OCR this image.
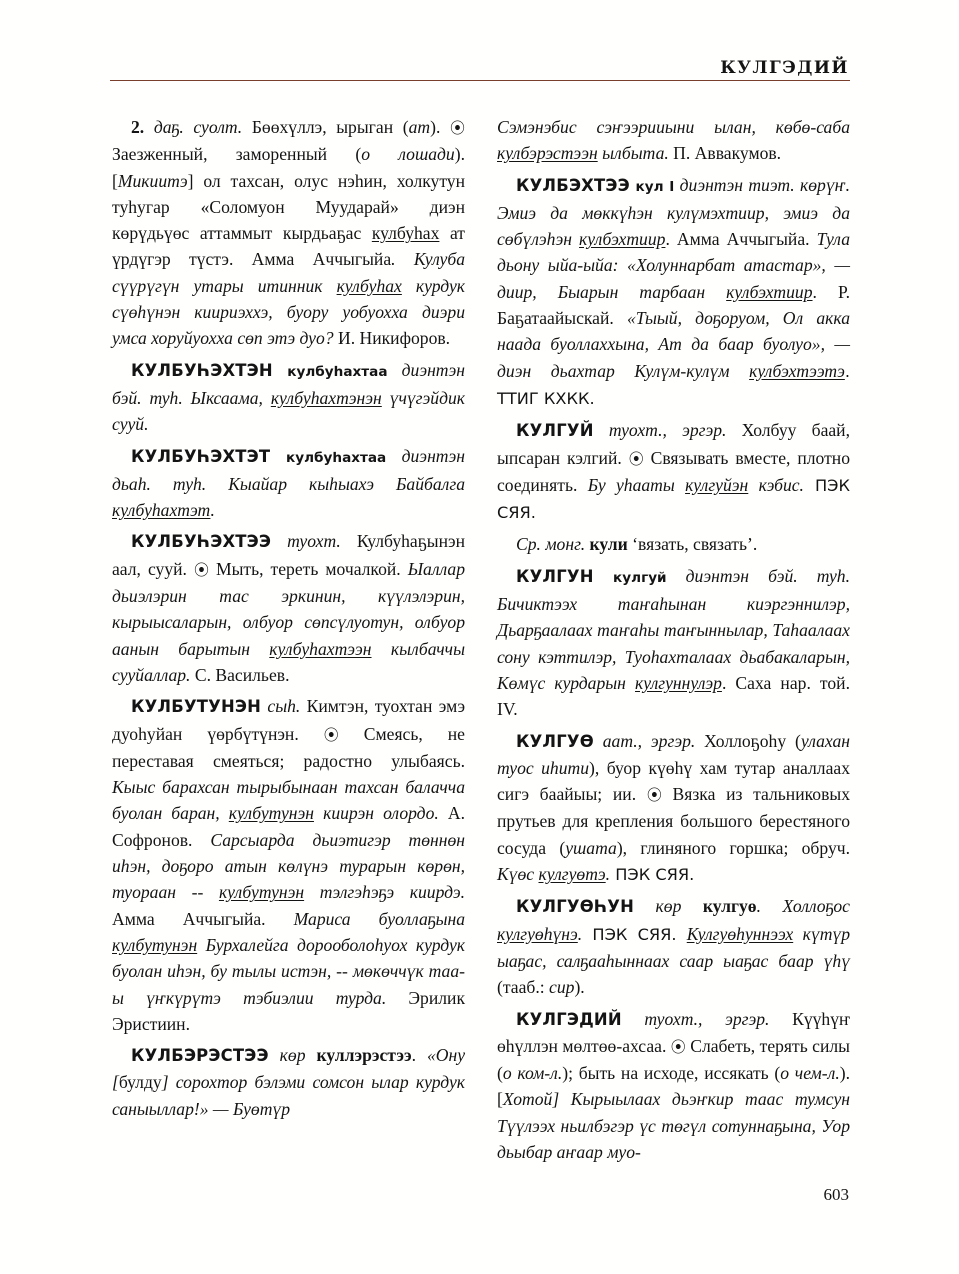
КУЛГЭДИЙ

2. даҕ. суолт. Бөөхүллэ, ырыган (ат). ⦿ Заезженный, заморенный (о лошади). [Микиитэ] ол тахсан, олус нэһин, холкутун туһугар «Соломуон Муударай» диэн көрүдьүөс аттаммыт кырдьаҕас кулбуһах ат үрдүгэр түстэ. Амма Аччыгыйа. Кулуба сүүрүгүн утары итинник кулбуһах курдук сүөһүнэн киириэххэ, буору уобуохха диэри умса хоруйуохха сөп этэ дуо? И. Никифоров.

КУЛБУҺЭХТЭН кулбуһахтаа диэнтэн бэй. туһ. Ыксаама, кулбуһахтэнэн үчүгэйдик сууй.

КУЛБУҺЭХТЭТ кулбуһахтаа диэнтэн дьаһ. туһ. Кыайар кыһыахэ Байбалга кулбуһахтэт.

КУЛБУҺЭХТЭЭ туохт. Кулбуһаҕынэн аал, сууй. ⦿ Мыть, тереть мочалкой. Ыаллар дьиэлэрин тас эркинин, күүлэлэрин, кырыысаларын, олбуор сөпсүлуотун, олбуор аанын барытын кулбуһахтээн кылбаччы сууйаллар. С. Васильев.

КУЛБУТУНЭН сыһ. Кимтэн, туохтан эмэ дуоһуйан үөрбүтүнэн. ⦿ Смеясь, не переставая смеяться; радостно улыбаясь. Кыыс барахсан тырыбынаан тахсан балачча буолан баран, кулбутунэн киирэн олордо. А. Софронов. Сарсыарда дьиэтигэр төннөн иһэн, доҕоро атын көлүнэ турарын көрөн, туораан -- кулбутунэн тэлгэһэҕэ киирдэ. Амма Аччыгыйа. Мариса буоллаҕына кулбутунэн Бурхалейга дорооболоһуох курдук буолан иһэн, бу тылы истэн, -- мөкөччүк таа-ы үҥкүрүтэ тэбиэлии турда. Эрилик Эристиин.

КУЛБЭРЭСТЭЭ көр куллэрэстээ. «Ону [булду] сорохтор бэлэми сомсон ылар курдук саныыллар!» — Буөтүр

Сэмэнэбис сэҥээрииыни ылан, көбө-саба кулбэрэстээн ылбыта. П. Аввакумов.

КУЛБЭХТЭЭ кул I диэнтэн тиэт. көрүҥ. Эмиэ да мөккүһэн кулүмэхтиир, эмиэ да сөбүлэһэн кулбэхтиир. Амма Аччыгыйа. Тула дьону ыйа-ыйа: «Холуннарбат атастар», — диир, Быарын тарбаан кулбэхтиир. Р. Баҕатаайыскай. «Тыый, доҕоруом, Ол акка наада буоллаххына, Ат да баар буолуо», — диэн дьахтар Кулүм-кулүм кулбэхтээтэ. ТТИГ КХКК.

КУЛГУЙ туохт., эргэр. Холбуу баай, ыпсаран кэлгий. ⦿ Связывать вместе, плотно соединять. Бу уһааты кулгуйэн кэбис. ПЭК СЯЯ.

Ср. монг. кули ‘вязать, связать’.

КУЛГУН кулгуй диэнтэн бэй. туһ. Бичиктээх таҥаһынан киэргэннилэр, Дьарҕаалаах таҥаһы таҥыннылар, Таһаалаах сону кэттилэр, Туоһахталаах дьабакаларын, Көмүс курдарын кулгуннулэр. Саха нар. той. IV.

КУЛГУӨ аат., эргэр. Холлоҕоһу (улахан туос иһити), буор күөһү хам тутар аналлаах сигэ баайыы; ии. ⦿ Вязка из тальниковых прутьев для крепления большого берестяного сосуда (ушата), глиняного горшка; обруч. Күөс кулгуөтэ. ПЭК СЯЯ.

КУЛГУӨҺУН көр кулгуө. Холлоҕос кулгуөһүнэ. ПЭК СЯЯ. Кулгуөһуннээх күтүр ыаҕас, салҕааһыннаах саар ыаҕас баар үһү (тааб.: сир).

КУЛГЭДИЙ туохт., эргэр. Күүһүҥ өһүллэн мөлтөө-ахсаа. ⦿ Слабеть, терять силы (о ком-л.); быть на исходе, иссякать (о чем-л.). [Хотой] Кырыылаах дьэҥкир таас тумсун Түүлээх ньилбэгэр үс төгүл сотуннаҕына, Уор дьыбар аҥаар муо-

603
